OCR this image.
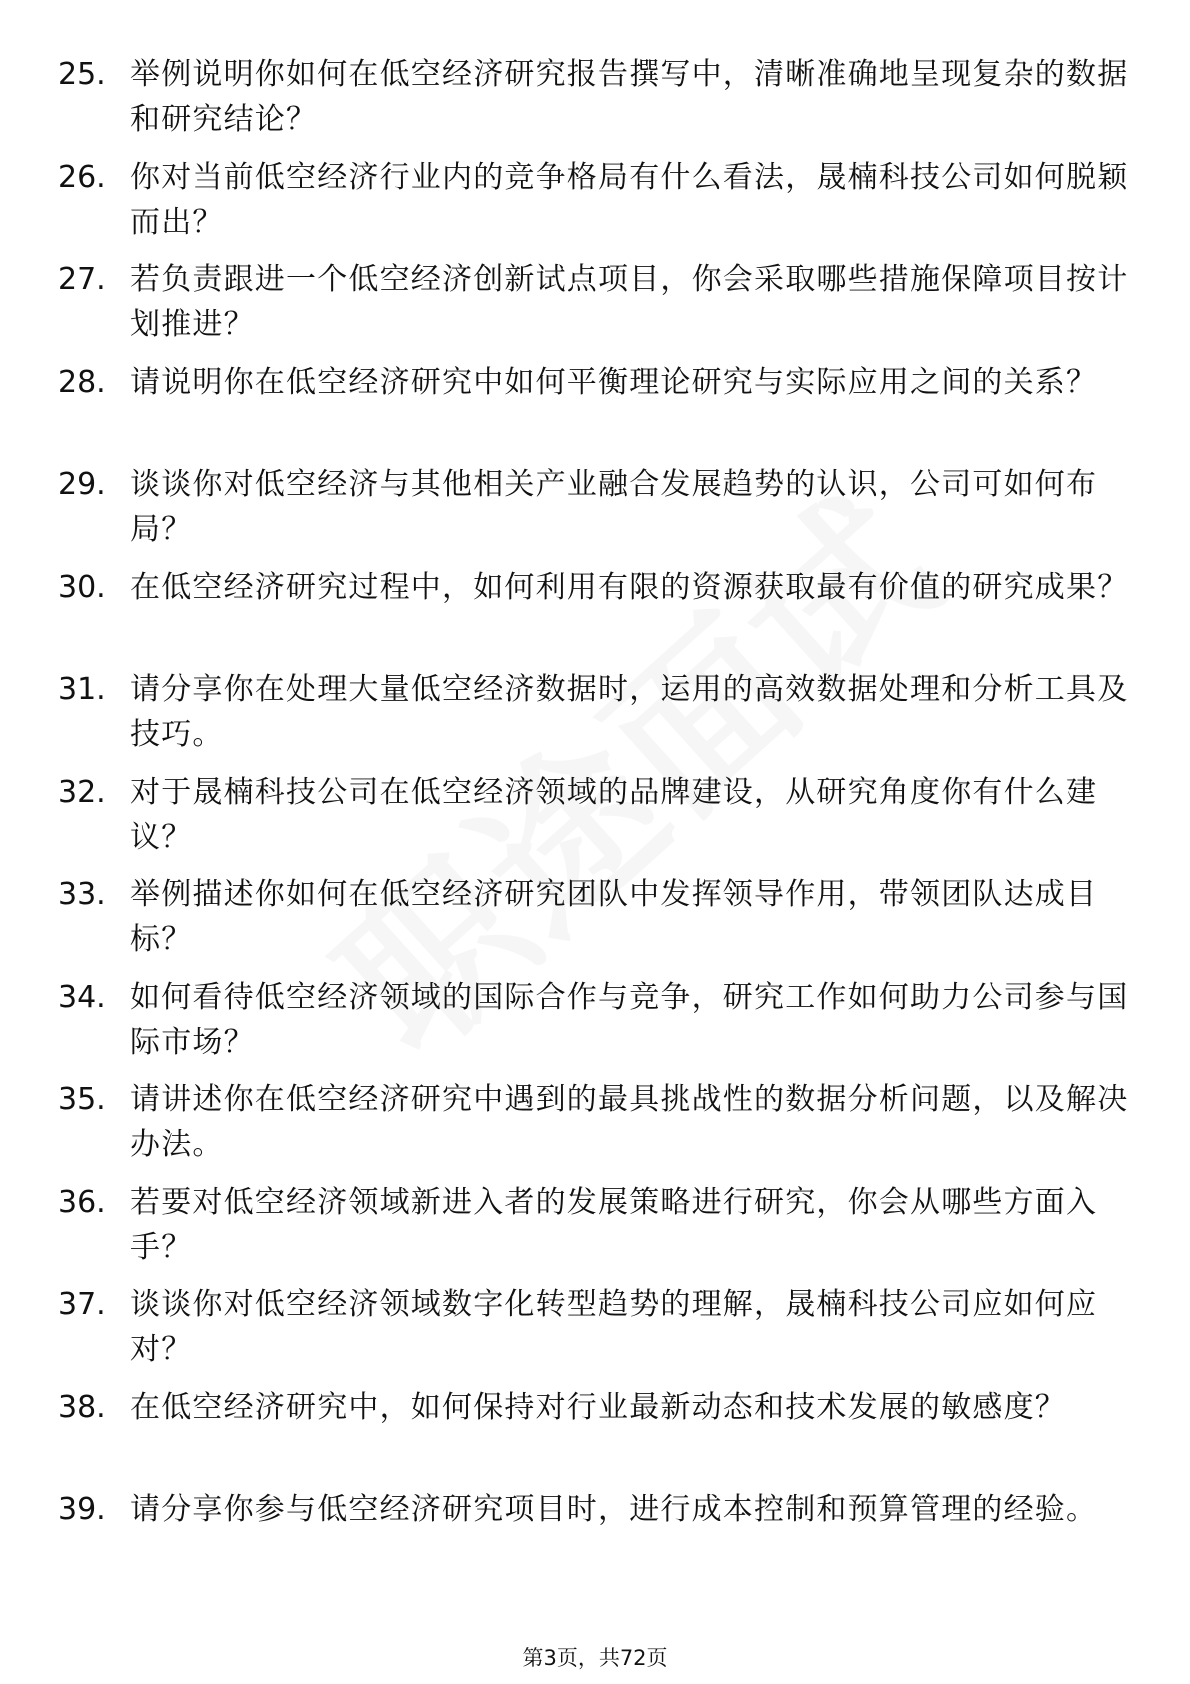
25. 举例说明你如何在低空经济研究报告撰写中，清晰准确地呈现复杂的数据和研究结论？
26. 你对当前低空经济行业内的竞争格局有什么看法，晟楠科技公司如何脱颖而出？
27. 若负责跟进一个低空经济创新试点项目，你会采取哪些措施保障项目按计划推进？
28. 请说明你在低空经济研究中如何平衡理论研究与实际应用之间的关系？
29. 谈谈你对低空经济与其他相关产业融合发展趋势的认识，公司可如何布局？
30. 在低空经济研究过程中，如何利用有限的资源获取最有价值的研究成果？
31. 请分享你在处理大量低空经济数据时，运用的高效数据处理和分析工具及技巧。
32. 对于晟楠科技公司在低空经济领域的品牌建设，从研究角度你有什么建议？
33. 举例描述你如何在低空经济研究团队中发挥领导作用，带领团队达成目标？
34. 如何看待低空经济领域的国际合作与竞争，研究工作如何助力公司参与国际市场？
35. 请讲述你在低空经济研究中遇到的最具挑战性的数据分析问题，以及解决办法。
36. 若要对低空经济领域新进入者的发展策略进行研究，你会从哪些方面入手？
37. 谈谈你对低空经济领域数字化转型趋势的理解，晟楠科技公司应如何应对？
38. 在低空经济研究中，如何保持对行业最新动态和技术发展的敏感度？
39. 请分享你参与低空经济研究项目时，进行成本控制和预算管理的经验。
第3页，共72页
